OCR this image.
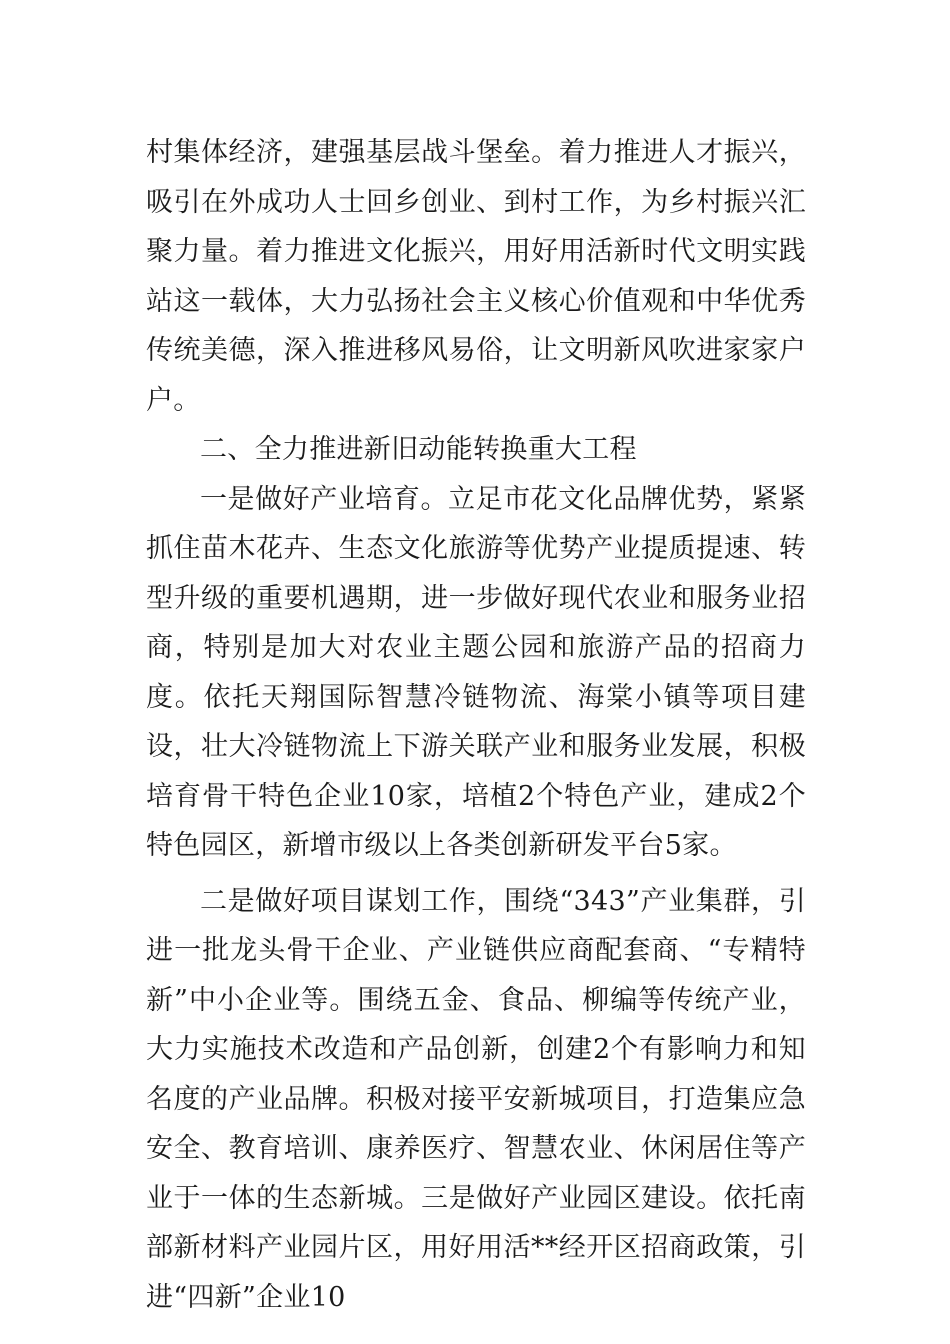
村集体经济，建强基层战斗堡垒。着力推进人才振兴，吸引在外成功人士回乡创业、到村工作，为乡村振兴汇聚力量。着力推进文化振兴，用好用活新时代文明实践站这一载体，大力弘扬社会主义核心价值观和中华优秀传统美德，深入推进移风易俗，让文明新风吹进家家户户。

二、全力推进新旧动能转换重大工程

一是做好产业培育。立足市花文化品牌优势，紧紧抓住苗木花卉、生态文化旅游等优势产业提质提速、转型升级的重要机遇期，进一步做好现代农业和服务业招商，特别是加大对农业主题公园和旅游产品的招商力度。依托天翔国际智慧冷链物流、海棠小镇等项目建设，壮大冷链物流上下游关联产业和服务业发展，积极培育骨干特色企业10家，培植2个特色产业，建成2个特色园区，新增市级以上各类创新研发平台5家。

二是做好项目谋划工作，围绕“343”产业集群，引进一批龙头骨干企业、产业链供应商配套商、“专精特新”中小企业等。围绕五金、食品、柳编等传统产业，大力实施技术改造和产品创新，创建2个有影响力和知名度的产业品牌。积极对接平安新城项目，打造集应急安全、教育培训、康养医疗、智慧农业、休闲居住等产业于一体的生态新城。三是做好产业园区建设。依托南部新材料产业园片区，用好用活**经开区招商政策，引进“四新”企业10
